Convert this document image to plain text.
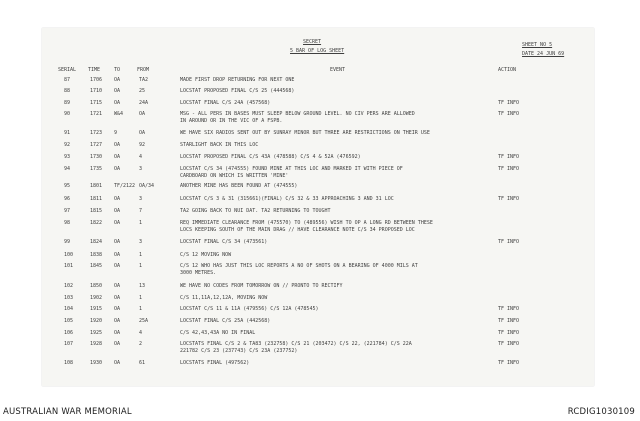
SECRET
5 BAR OF LOG SHEET
SHEET NO 5
DATE 24 JUN 69
SERIAL TIME	TO	FROM	EVENT	ACTION
87	1706 OA	TA2	MADE FIRST DROP RETURNING FOR NEXT ONE
88	1710 OA	25	LOCSTAT PROPOSED FINAL C/S 25 (444568)
89	1715 OA	24A	LOCSTAT FINAL C/S 24A (457568)	TF INFO
90	1721 W&4	OA	MSG - ALL PERS IN BASES MUST SLEEP BELOW GROUND LEVEL. NO CIV PERS ARE ALLOWED
IN AROUND OR IN THE VIC OF A FSPB.
TF INFO
91	1723 9	OA	WE HAVE SIX RADIOS SENT OUT BY SUNRAY MINOR BUT THREE ARE RESTRICTIONS ON THEIR USE
92	1727 OA	92	STARLIGHT BACK IN THIS LOC
93	1730 OA	4	LOCSTAT PROPOSED FINAL C/S 43A (478588) C/S 4 & 52A (476592)	TF INFO
94	1735 OA	3	LOCSTAT C/S 34 (474555) FOUND MINE AT THIS LOC AND MARKED IT WITH PIECE OF
CARDBOARD ON WHICH IS WRITTEN 'MINE'
TF INFO
95	1801 TF/2122 OA/34	ANOTHER MINE HAS BEEN FOUND AT (474555)
96	1811 OA	3	LOCSTAT C/S 3 & 31 (315661)(FINAL) C/S 32 & 33 APPROACHING 3 AND 31 LOC	TF INFO
97	1815 OA	7	TA2 GOING BACK TO NUI DAT. TA2 RETURNING TO TOUGHT
98	1822 OA	1	REQ IMMEDIATE CLEARANCE FROM (475570) TO (489556) WISH TO OP A LONG RD BETWEEN THESE
LOCS KEEPING SOUTH OF THE MAIN DRAG // HAVE CLEARANCE NOTE C/S 34 PROPOSED LOC
99	1824 OA	3	LOCSTAT FINAL C/S 34 (473561)	TF INFO
100	1838 OA	1	C/S 12 MOVING NOW
101	1845 OA	1	C/S 12 WHO HAS JUST THIS LOC REPORTS A NO OF SHOTS ON A BEARING OF 4000 MILS AT
3000 METRES.
102	1850 OA	13	WE HAVE NO CODES FROM TOMORROW ON // PRONTO TO RECTIFY
103	1902 OA	1	C/S 11,11A,12,12A, MOVING NOW
104	1915 OA	1	LOCSTAT C/S 11 & 11A (479556) C/S 12A (478545)	TF INFO
105	1920 OA	25A	LOCSTAT FINAL C/S 25A (442568)	TF INFO
106	1925 OA	4	C/S 42,43,43A NO IN FINAL	TF INFO
107	1928 OA	2	LOCSTATS FINAL C/S 2 & TA83 (232758) C/S 21 (203472) C/S 22, (221784) C/S 22A
221782 C/S 23 (237743) C/S 23A (237752)
TF INFO
108	1930 OA	61	LOCSTATS FINAL (497562)	TF INFO
AUSTRALIAN WAR MEMORIAL	RCDIG1030109
